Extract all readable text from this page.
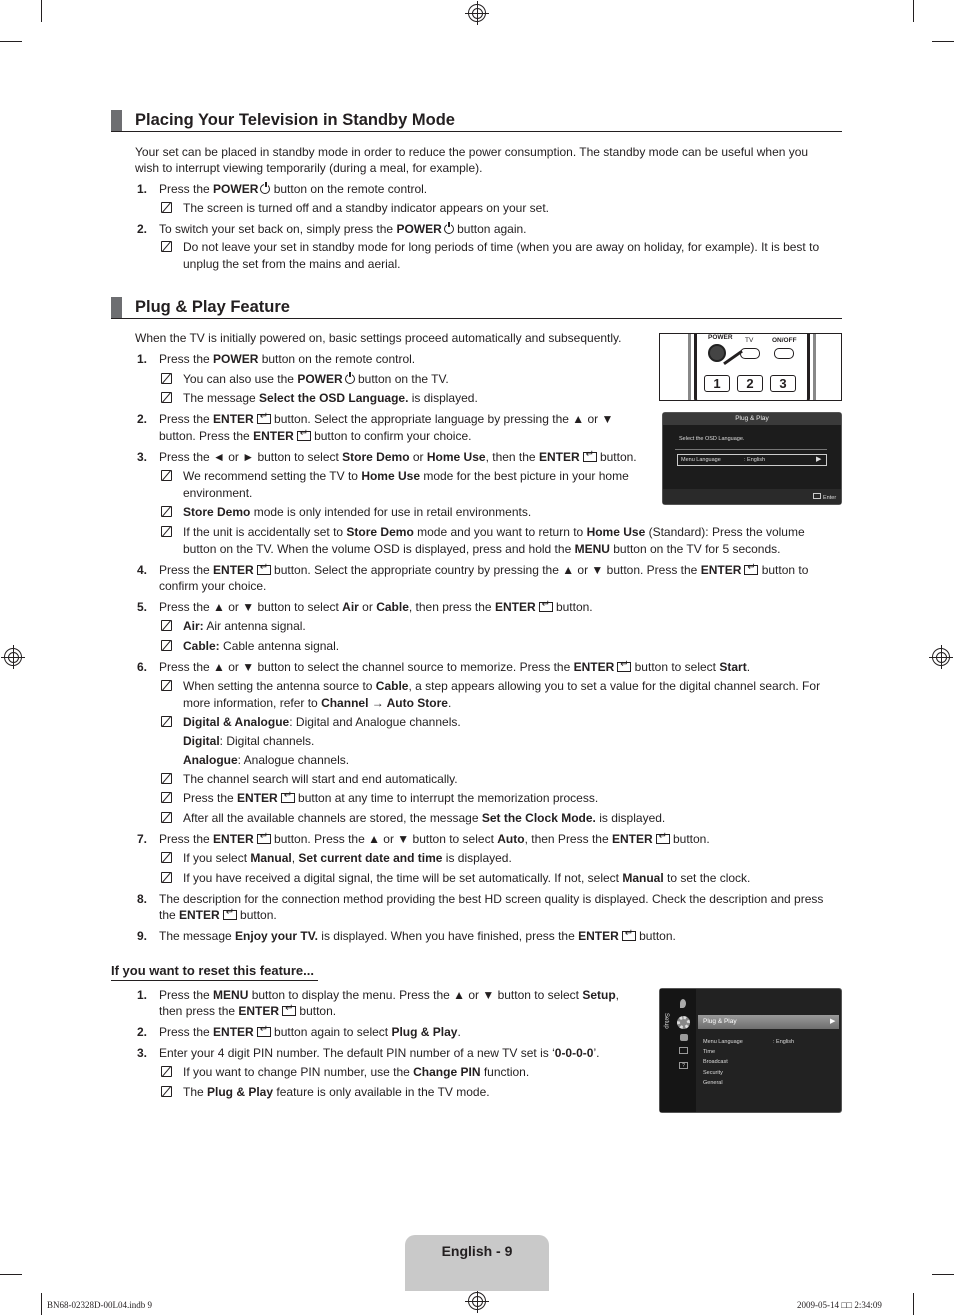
Placing Your Television in Standby Mode
Your set can be placed in standby mode in order to reduce the power consumption. The standby mode can be useful when you
wish to interrupt viewing temporarily (during a meal, for example).
1. Press the POWER button on the remote control.
The screen is turned off and a standby indicator appears on your set.
2. To switch your set back on, simply press the POWER button again.
Do not leave your set in standby mode for long periods of time (when you are away on holiday, for example). It is best to
unplug the set from the mains and aerial.
Plug & Play Feature
When the TV is initially powered on, basic settings proceed automatically and subsequently.
1. Press the POWER button on the remote control.
You can also use the POWER button on the TV.
The message Select the OSD Language. is displayed.
2. Press the ENTER↵ button. Select the appropriate language by pressing the ▲ or ▼
button. Press the ENTER↵ button to confirm your choice.
3. Press the ◄ or ► button to select Store Demo or Home Use, then the ENTER↵ button.
We recommend setting the TV to Home Use mode for the best picture in your home
environment.
Store Demo mode is only intended for use in retail environments.
If the unit is accidentally set to Store Demo mode and you want to return to Home Use (Standard): Press the volume
button on the TV. When the volume OSD is displayed, press and hold the MENU button on the TV for 5 seconds.
4. Press the ENTER↵ button. Select the appropriate country by pressing the ▲ or ▼ button. Press the ENTER↵ button to
confirm your choice.
5. Press the ▲ or ▼ button to select Air or Cable, then press the ENTER↵ button.
Air: Air antenna signal.
Cable: Cable antenna signal.
6. Press the ▲ or ▼ button to select the channel source to memorize. Press the ENTER↵ button to select Start.
When setting the antenna source to Cable, a step appears allowing you to set a value for the digital channel search. For
more information, refer to Channel → Auto Store.
Digital & Analogue: Digital and Analogue channels.
Digital: Digital channels.
Analogue: Analogue channels.
The channel search will start and end automatically.
Press the ENTER↵ button at any time to interrupt the memorization process.
After all the available channels are stored, the message Set the Clock Mode. is displayed.
7. Press the ENTER↵ button. Press the ▲ or ▼ button to select Auto, then Press the ENTER↵ button.
If you select Manual, Set current date and time is displayed.
If you have received a digital signal, the time will be set automatically. If not, select Manual to set the clock.
8. The description for the connection method providing the best HD screen quality is displayed. Check the description and press
the ENTER↵ button.
9. The message Enjoy your TV. is displayed. When you have finished, press the ENTER↵ button.
If you want to reset this feature...
1. Press the MENU button to display the menu. Press the ▲ or ▼ button to select Setup,
then press the ENTER↵ button.
2. Press the ENTER↵ button again to select Plug & Play.
3. Enter your 4 digit PIN number. The default PIN number of a new TV set is ‘0-0-0-0’.
If you want to change PIN number, use the Change PIN function.
The Plug & Play feature is only available in the TV mode.
POWER TV	ON/OFF
1	2	3
Plug & Play
Select the OSD Language.
Menu Language	: English	▶
Enter
Setup
?
Plug & Play	▶
Menu Language
Time
Broadcast
Security
General
: English
English - 9
BN68-02328D-00L04.indb 9	2009-05-14 □□ 2:34:09
